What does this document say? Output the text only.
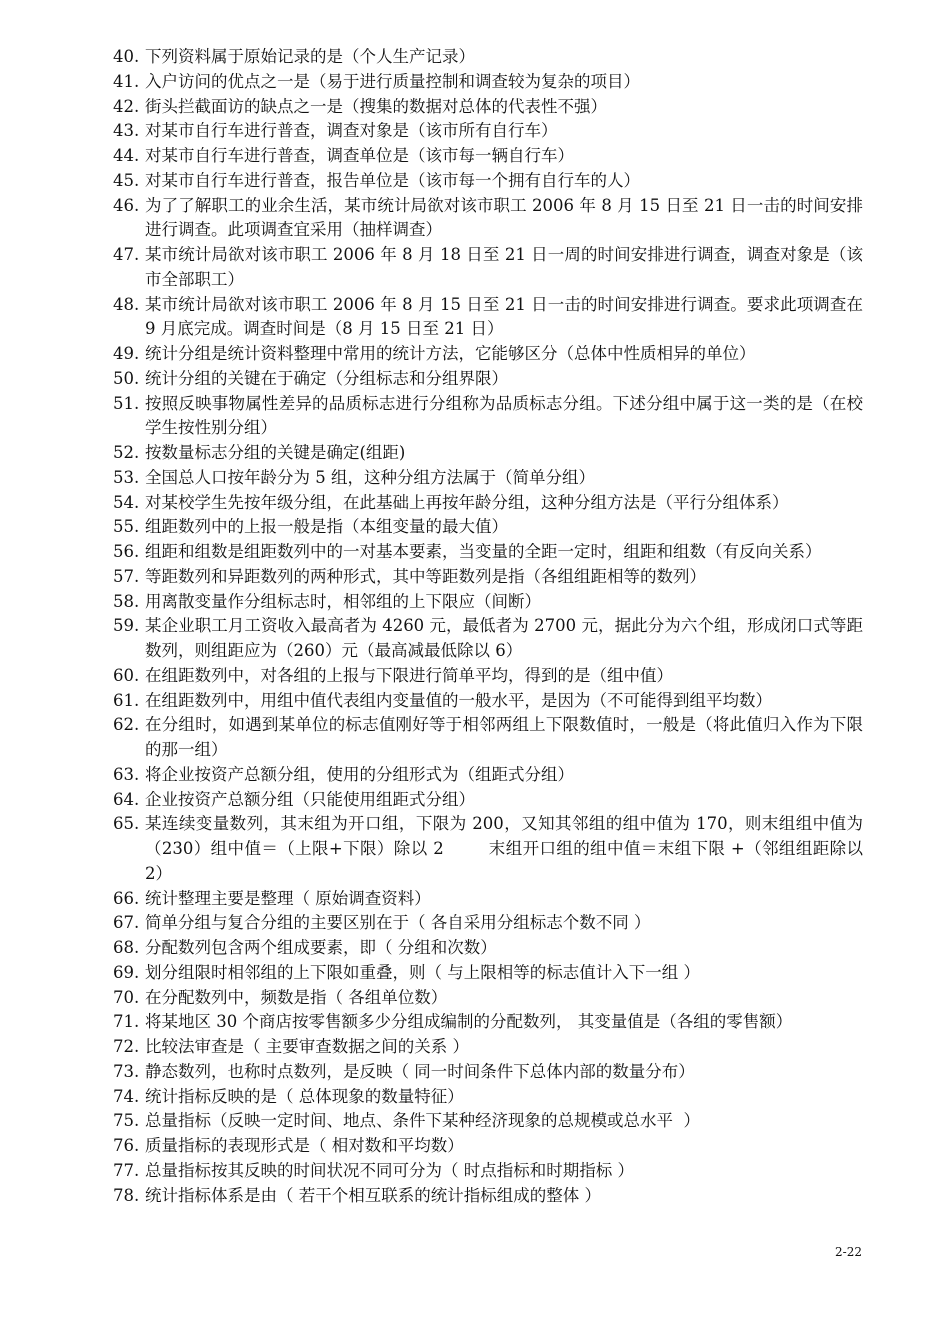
40. 下列资料属于原始记录的是（个人生产记录）
41. 入户访问的优点之一是（易于进行质量控制和调查较为复杂的项目）
42. 街头拦截面访的缺点之一是（搜集的数据对总体的代表性不强）
43. 对某市自行车进行普查，调查对象是（该市所有自行车）
44. 对某市自行车进行普查，调查单位是（该市每一辆自行车）
45. 对某市自行车进行普查，报告单位是（该市每一个拥有自行车的人）
46. 为了了解职工的业余生活，某市统计局欲对该市职工 2006 年 8 月 15 日至 21 日一击的时间安排进行调查。此项调查宜采用（抽样调查）
47. 某市统计局欲对该市职工 2006 年 8 月 18 日至 21 日一周的时间安排进行调查，调查对象是（该市全部职工）
48. 某市统计局欲对该市职工 2006 年 8 月 15 日至 21 日一击的时间安排进行调查。要求此项调查在 9 月底完成。调查时间是（8 月 15 日至 21 日）
49. 统计分组是统计资料整理中常用的统计方法，它能够区分（总体中性质相异的单位）
50. 统计分组的关键在于确定（分组标志和分组界限）
51. 按照反映事物属性差异的品质标志进行分组称为品质标志分组。下述分组中属于这一类的是（在校学生按性别分组）
52. 按数量标志分组的关键是确定(组距)
53. 全国总人口按年龄分为 5 组，这种分组方法属于（简单分组）
54. 对某校学生先按年级分组，在此基础上再按年龄分组，这种分组方法是（平行分组体系）
55. 组距数列中的上报一般是指（本组变量的最大值）
56. 组距和组数是组距数列中的一对基本要素，当变量的全距一定时，组距和组数（有反向关系）
57. 等距数列和异距数列的两种形式，其中等距数列是指（各组组距相等的数列）
58. 用离散变量作分组标志时，相邻组的上下限应（间断）
59. 某企业职工月工资收入最高者为 4260 元，最低者为 2700 元，据此分为六个组，形成闭口式等距数列，则组距应为（260）元（最高减最低除以 6）
60. 在组距数列中，对各组的上报与下限进行简单平均，得到的是（组中值）
61. 在组距数列中，用组中值代表组内变量值的一般水平，是因为（不可能得到组平均数）
62. 在分组时，如遇到某单位的标志值刚好等于相邻两组上下限数值时，一般是（将此值归入作为下限的那一组）
63. 将企业按资产总额分组，使用的分组形式为（组距式分组）
64. 企业按资产总额分组（只能使用组距式分组）
65. 某连续变量数列，其末组为开口组，下限为 200，又知其邻组的组中值为 170，则末组组中值为（230）组中值＝（上限+下限）除以 2        末组开口组的组中值＝末组下限 +（邻组组距除以 2）
66. 统计整理主要是整理（ 原始调查资料）
67. 简单分组与复合分组的主要区别在于（ 各自采用分组标志个数不同 ）
68. 分配数列包含两个组成要素，即（ 分组和次数）
69. 划分组限时相邻组的上下限如重叠，则（ 与上限相等的标志值计入下一组 ）
70. 在分配数列中，频数是指（ 各组单位数）
71. 将某地区 30 个商店按零售额多少分组成编制的分配数列， 其变量值是（各组的零售额）
72. 比较法审查是（ 主要审查数据之间的关系 ）
73. 静态数列，也称时点数列，是反映（ 同一时间条件下总体内部的数量分布）
74. 统计指标反映的是（ 总体现象的数量特征）
75. 总量指标（反映一定时间、地点、条件下某种经济现象的总规模或总水平  ）
76. 质量指标的表现形式是（ 相对数和平均数）
77. 总量指标按其反映的时间状况不同可分为（ 时点指标和时期指标 ）
78. 统计指标体系是由（ 若干个相互联系的统计指标组成的整体 ）
2-22
